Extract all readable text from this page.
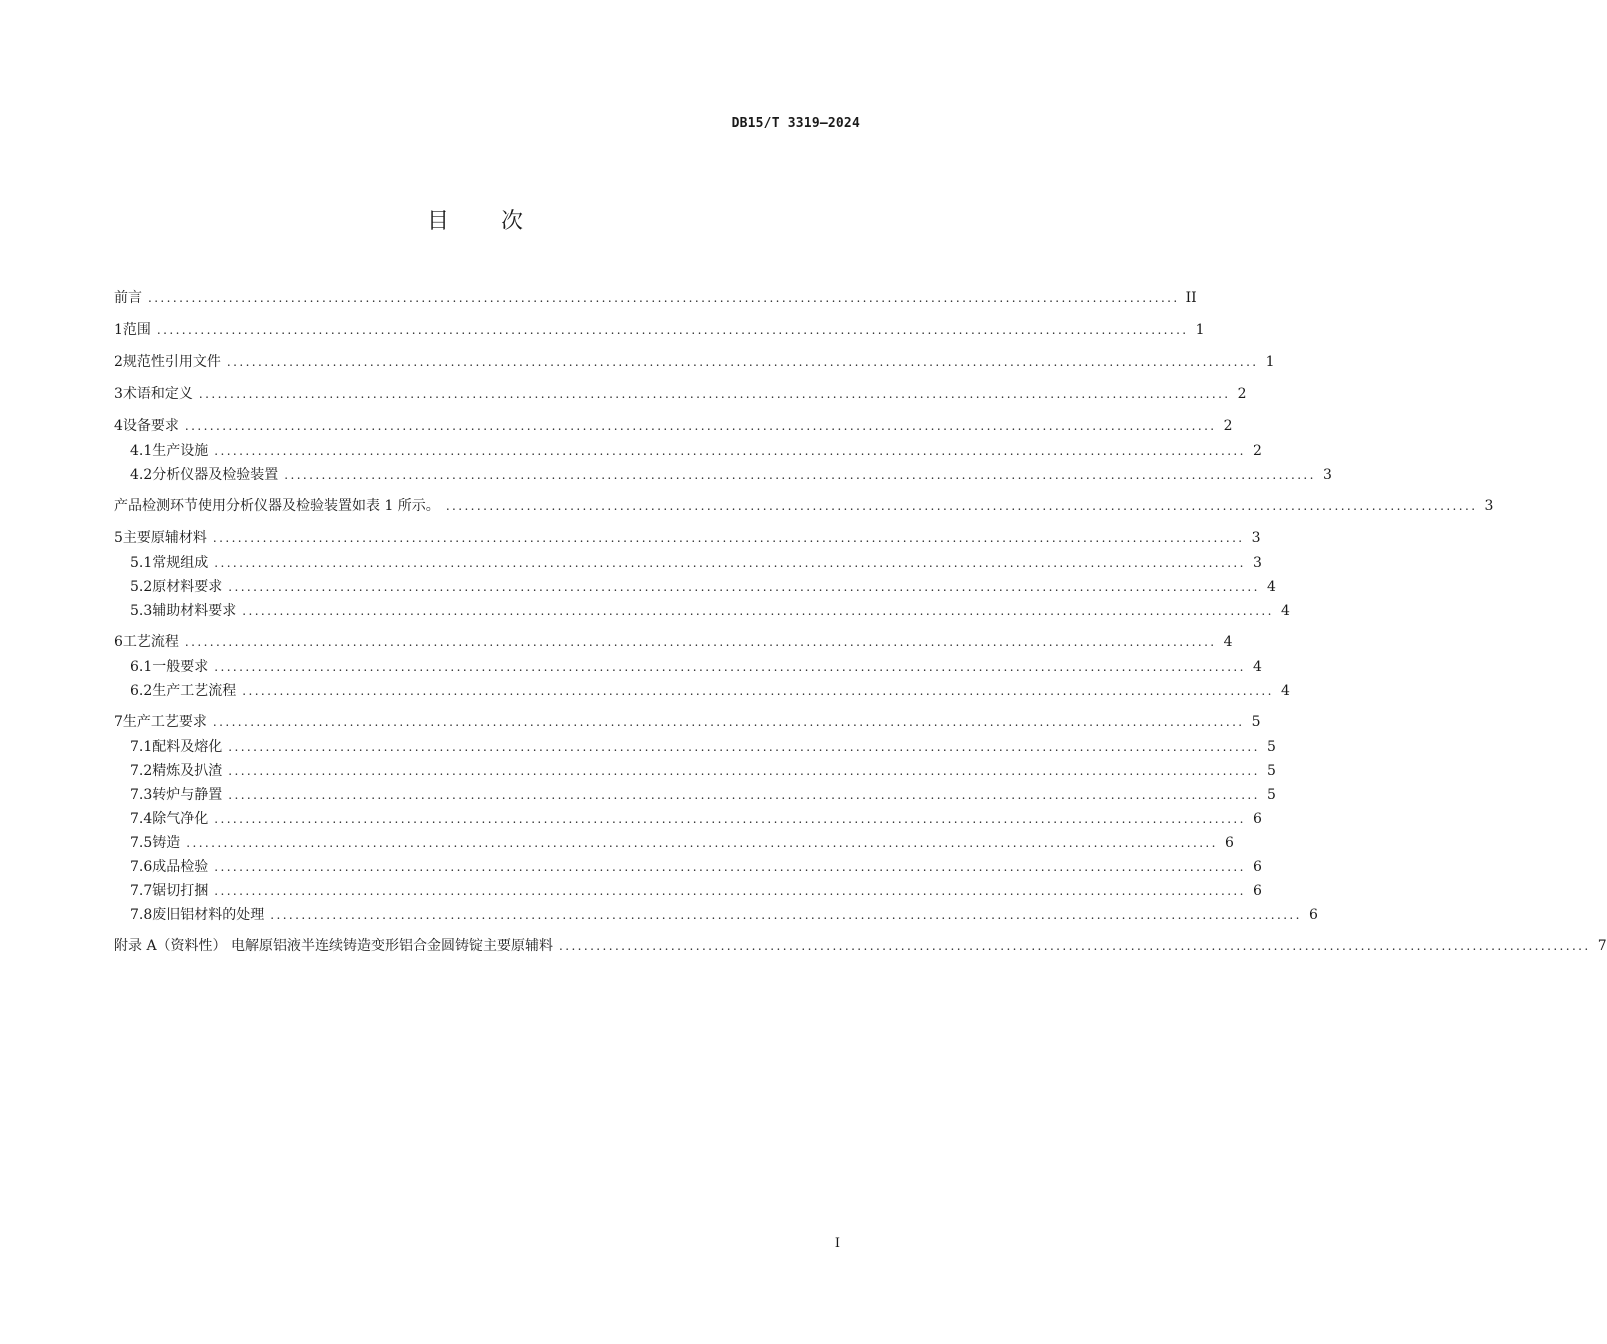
DB15/T 3319—2024
目次
前言 ...................................................................................................................................................................... II
1 范围 ...................................................................................................................................................................... 1
2 规范性引用文件 ...................................................................................................................................................................... 1
3 术语和定义 ...................................................................................................................................................................... 2
4 设备要求 ...................................................................................................................................................................... 2
4.1 生产设施 ...................................................................................................................................................................... 2
4.2 分析仪器及检验装置 ...................................................................................................................................................................... 3
产品检测环节使用分析仪器及检验装置如表 1 所示。 ...................................................................................................................................................................... 3
5 主要原辅材料 ...................................................................................................................................................................... 3
5.1 常规组成 ...................................................................................................................................................................... 3
5.2 原材料要求 ...................................................................................................................................................................... 4
5.3 辅助材料要求 ...................................................................................................................................................................... 4
6 工艺流程 ...................................................................................................................................................................... 4
6.1 一般要求 ...................................................................................................................................................................... 4
6.2 生产工艺流程 ...................................................................................................................................................................... 4
7 生产工艺要求 ...................................................................................................................................................................... 5
7.1 配料及熔化 ...................................................................................................................................................................... 5
7.2 精炼及扒渣 ...................................................................................................................................................................... 5
7.3 转炉与静置 ...................................................................................................................................................................... 5
7.4 除气净化 ...................................................................................................................................................................... 6
7.5 铸造 ...................................................................................................................................................................... 6
7.6 成品检验 ...................................................................................................................................................................... 6
7.7 锯切打捆 ...................................................................................................................................................................... 6
7.8 废旧铝材料的处理 ...................................................................................................................................................................... 6
附录 A（资料性） 电解原铝液半连续铸造变形铝合金圆铸锭主要原辅料 ...................................................................................................................................................................... 7
I
